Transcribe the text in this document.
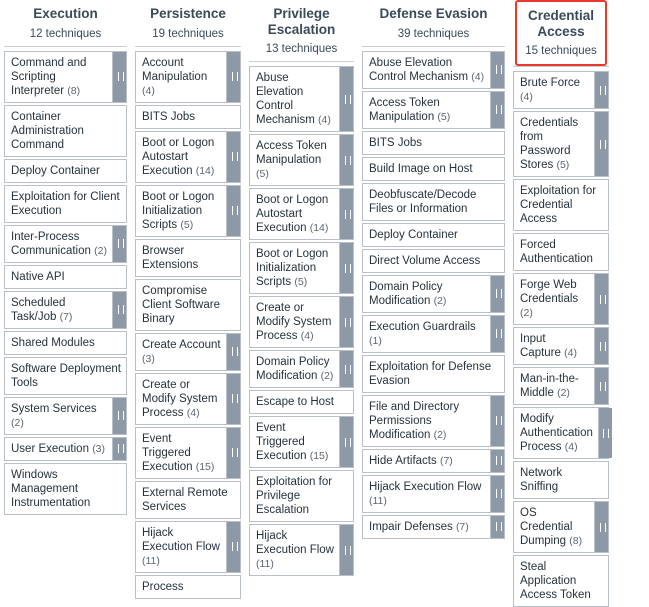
Execution
12 techniques
Command and Scripting Interpreter (8)
Container Administration Command
Deploy Container
Exploitation for Client Execution
Inter-Process Communication (2)
Native API
Scheduled Task/Job (7)
Shared Modules
Software Deployment Tools
System Services (2)
User Execution (3)
Windows Management Instrumentation
Persistence
19 techniques
Account Manipulation (4)
BITS Jobs
Boot or Logon Autostart Execution (14)
Boot or Logon Initialization Scripts (5)
Browser Extensions
Compromise Client Software Binary
Create Account (3)
Create or Modify System Process (4)
Event Triggered Execution (15)
External Remote Services
Hijack Execution Flow (11)
Process
Privilege Escalation
13 techniques
Abuse Elevation Control Mechanism (4)
Access Token Manipulation (5)
Boot or Logon Autostart Execution (14)
Boot or Logon Initialization Scripts (5)
Create or Modify System Process (4)
Domain Policy Modification (2)
Escape to Host
Event Triggered Execution (15)
Exploitation for Privilege Escalation
Hijack Execution Flow (11)
Defense Evasion
39 techniques
Abuse Elevation Control Mechanism (4)
Access Token Manipulation (5)
BITS Jobs
Build Image on Host
Deobfuscate/Decode Files or Information
Deploy Container
Direct Volume Access
Domain Policy Modification (2)
Execution Guardrails (1)
Exploitation for Defense Evasion
File and Directory Permissions Modification (2)
Hide Artifacts (7)
Hijack Execution Flow (11)
Impair Defenses (7)
Credential Access
15 techniques
Brute Force (4)
Credentials from Password Stores (5)
Exploitation for Credential Access
Forced Authentication
Forge Web Credentials (2)
Input Capture (4)
Man-in-the-Middle (2)
Modify Authentication Process (4)
Network Sniffing
OS Credential Dumping (8)
Steal Application Access Token
